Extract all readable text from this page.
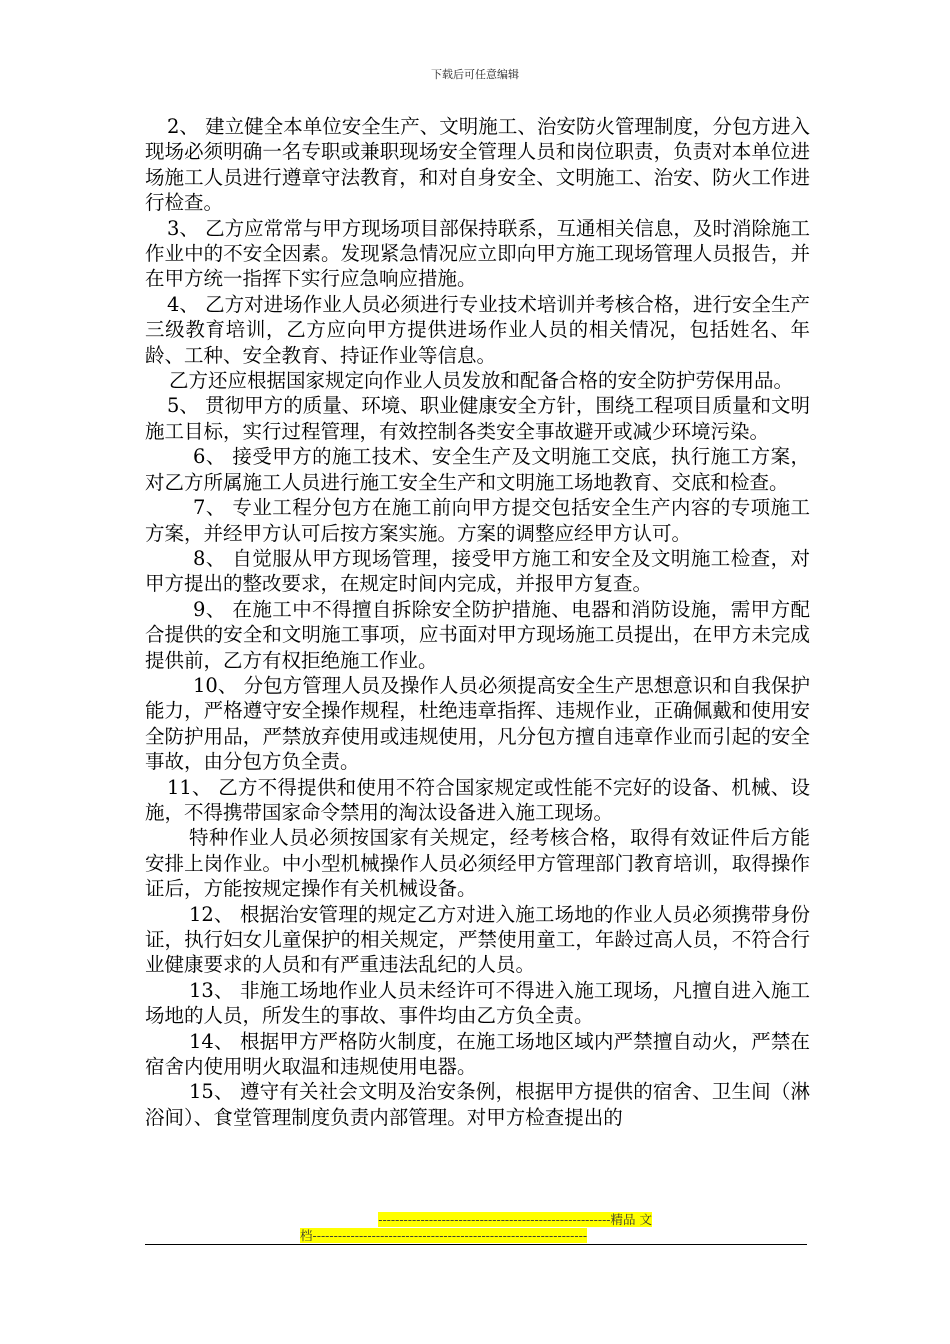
下载后可任意编辑

2、 建立健全本单位安全生产、文明施工、治安防火管理制度，分包方进入现场必须明确一名专职或兼职现场安全管理人员和岗位职责，负责对本单位进场施工人员进行遵章守法教育，和对自身安全、文明施工、治安、防火工作进行检查。

3、 乙方应常常与甲方现场项目部保持联系，互通相关信息，及时消除施工作业中的不安全因素。发现紧急情况应立即向甲方施工现场管理人员报告，并在甲方统一指挥下实行应急响应措施。

4、 乙方对进场作业人员必须进行专业技术培训并考核合格，进行安全生产三级教育培训，乙方应向甲方提供进场作业人员的相关情况，包括姓名、年龄、工种、安全教育、持证作业等信息。

乙方还应根据国家规定向作业人员发放和配备合格的安全防护劳保用品。

5、 贯彻甲方的质量、环境、职业健康安全方针，围绕工程项目质量和文明施工目标，实行过程管理，有效控制各类安全事故避开或减少环境污染。

6、 接受甲方的施工技术、安全生产及文明施工交底，执行施工方案，对乙方所属施工人员进行施工安全生产和文明施工场地教育、交底和检查。

7、 专业工程分包方在施工前向甲方提交包括安全生产内容的专项施工方案，并经甲方认可后按方案实施。方案的调整应经甲方认可。

8、 自觉服从甲方现场管理，接受甲方施工和安全及文明施工检查，对甲方提出的整改要求，在规定时间内完成，并报甲方复查。

9、 在施工中不得擅自拆除安全防护措施、电器和消防设施，需甲方配合提供的安全和文明施工事项，应书面对甲方现场施工员提出，在甲方未完成提供前，乙方有权拒绝施工作业。

10、 分包方管理人员及操作人员必须提高安全生产思想意识和自我保护能力，严格遵守安全操作规程，杜绝违章指挥、违规作业，正确佩戴和使用安全防护用品，严禁放弃使用或违规使用，凡分包方擅自违章作业而引起的安全事故，由分包方负全责。

11、 乙方不得提供和使用不符合国家规定或性能不完好的设备、机械、设施，不得携带国家命令禁用的淘汰设备进入施工现场。

特种作业人员必须按国家有关规定，经考核合格，取得有效证件后方能安排上岗作业。中小型机械操作人员必须经甲方管理部门教育培训，取得操作证后，方能按规定操作有关机械设备。

12、 根据治安管理的规定乙方对进入施工场地的作业人员必须携带身份证，执行妇女儿童保护的相关规定，严禁使用童工，年龄过高人员，不符合行业健康要求的人员和有严重违法乱纪的人员。

13、 非施工场地作业人员未经许可不得进入施工现场，凡擅自进入施工场地的人员，所发生的事故、事件均由乙方负全责。

14、 根据甲方严格防火制度，在施工场地区域内严禁擅自动火，严禁在宿舍内使用明火取温和违规使用电器。

15、 遵守有关社会文明及治安条例，根据甲方提供的宿舍、卫生间（淋浴间）、食堂管理制度负责内部管理。对甲方检查提出的

-------------------------------------------------------精品 文
档-----------------------------------------------------------------
